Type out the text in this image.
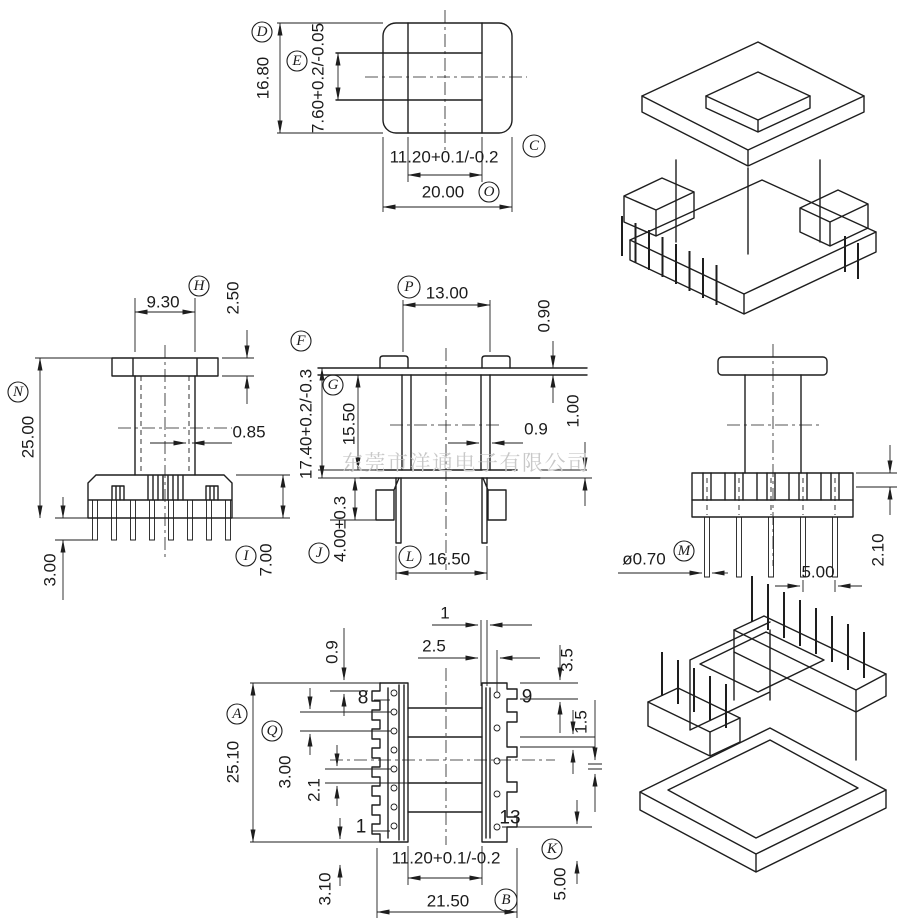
16.80 7.60+0.2/-0.05
11.20+0.1/-0.2
20.00
D
E
C
O
9.30	2.50
25.00	0.85
3.00	7.00
H
N
I
13.00
0.90
17.40+0.2/-0.3 15.50	0.9
1.00
4.00±0.3	16.50
P
F
G
J	L	ø0.70
5.00
2.10
M
1
2.5
3.5
0.9
1.5
25.10 3.00
2.1
3.10
11.20+0.1/-0.2
21.50
5.00
8	9
1	13
A
Q
B
K
东莞市洋通电子有限公司
